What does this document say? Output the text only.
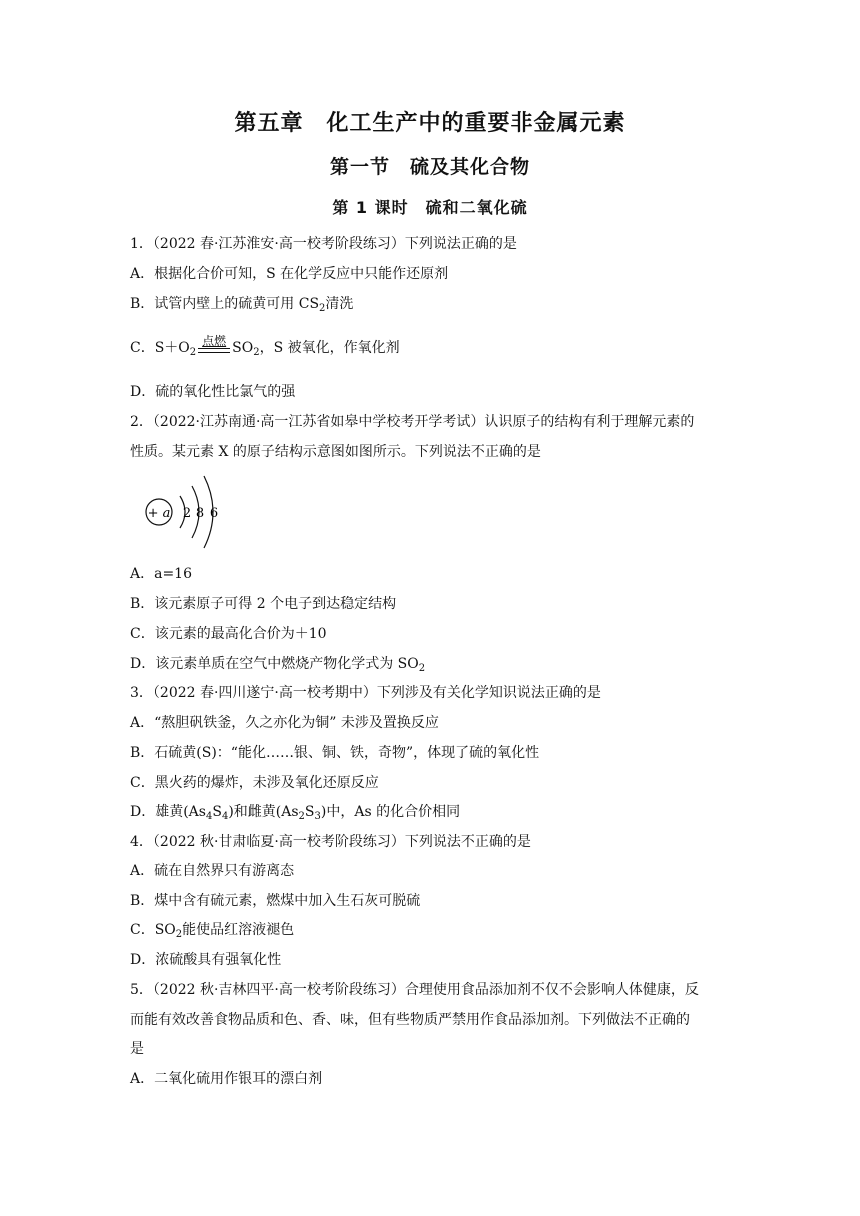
第五章　化工生产中的重要非金属元素
第一节　硫及其化合物
第 1 课时　硫和二氧化硫
1．（2022 春·江苏淮安·高一校考阶段练习）下列说法正确的是
A．根据化合价可知，S 在化学反应中只能作还原剂
B．试管内壁上的硫黄可用 $CS_2$清洗
C．$S+O_2$
点燃 $SO_2$，S 被氧化，作氧化剂
D．硫的氧化性比氯气的强
2．（2022·江苏南通·高一江苏省如皋中学校考开学考试）认识原子的结构有利于理解元素的
性质。某元素 X 的原子结构示意图如图所示。下列说法不正确的是
+ a 2 8 6
A．a=16
B．该元素原子可得 2 个电子到达稳定结构
C．该元素的最高化合价为＋10
D．该元素单质在空气中燃烧产物化学式为 $SO_2$
3．（2022 春·四川遂宁·高一校考期中）下列涉及有关化学知识说法正确的是
A．“熬胆矾铁釜，久之亦化为铜” 未涉及置换反应
B．石硫黄(S)：“能化……银、铜、铁，奇物”，体现了硫的氧化性
C．黑火药的爆炸，未涉及氧化还原反应
D．雄黄$(As_4S_4)$和雌黄$(As_2S_3)$中，As 的化合价相同
4．（2022 秋·甘肃临夏·高一校考阶段练习）下列说法不正确的是
A．硫在自然界只有游离态
B．煤中含有硫元素，燃煤中加入生石灰可脱硫
C．$SO_2$能使品红溶液褪色
D．浓硫酸具有强氧化性
5．（2022 秋·吉林四平·高一校考阶段练习）合理使用食品添加剂不仅不会影响人体健康，反
而能有效改善食物品质和色、香、味，但有些物质严禁用作食品添加剂。下列做法不正确的
是
A．二氧化硫用作银耳的漂白剂
